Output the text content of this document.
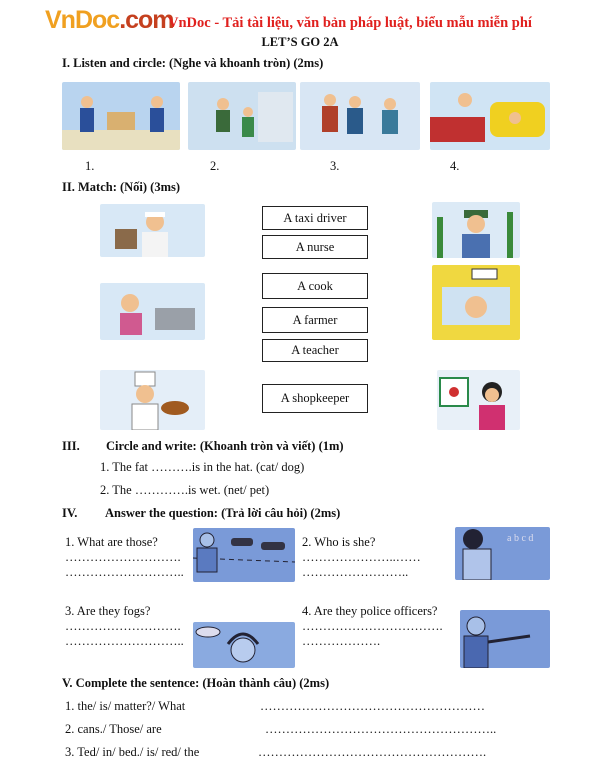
VnDoc.com
VnDoc - Tải tài liệu, văn bản pháp luật, biểu mẫu miễn phí
LET’S GO 2A
I. Listen and circle: (Nghe và khoanh tròn) (2ms)
1.	2.	3.	4.
II. Match: (Nối) (3ms)
A taxi driver
A nurse
A cook
A farmer
A teacher
A shopkeeper
III. Circle and write: (Khoanh tròn và viết) (1m)
1. The fat ……….is in the hat. (cat/ dog)
2. The ………….is wet. (net/ pet)
IV. Answer the question: (Trả lời câu hỏi) (2ms)
1. What are those?
……………………….
………………………..
2. Who is she?
…………………..……
……………………..
a b c d
3. Are they fogs?
……………………….
………………………..
4. Are they police officers?
…………………………….
……………….
V. Complete the sentence: (Hoàn thành câu) (2ms)
1. the/ is/ matter?/ What	………………………………………………
2. cans./ Those/ are	………………………………………………..
3. Ted/ in/ bed./ is/ red/ the	……………………………………………….
